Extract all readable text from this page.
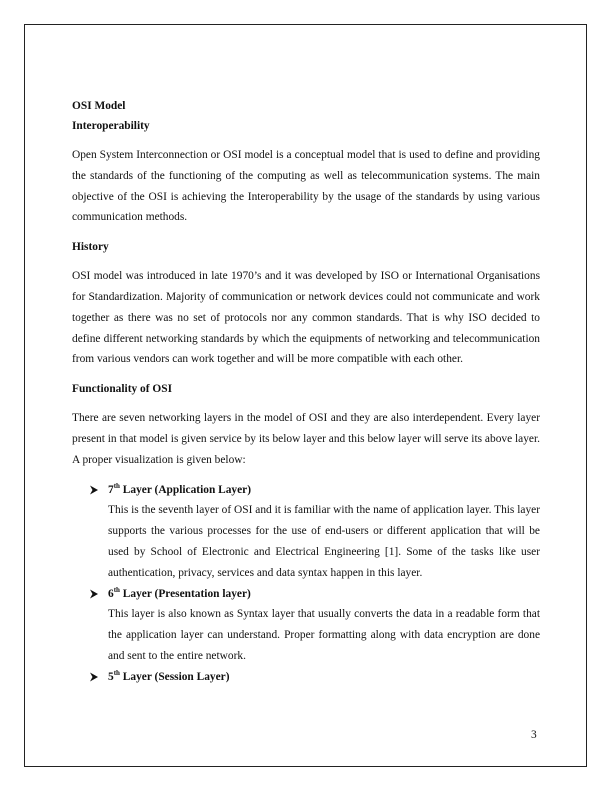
OSI Model

Interoperability

Open System Interconnection or OSI model is a conceptual model that is used to define and providing the standards of the functioning of the computing as well as telecommunication systems. The main objective of the OSI is achieving the Interoperability by the usage of the standards by using various communication methods.

History

OSI model was introduced in late 1970’s and it was developed by ISO or International Organisations for Standardization. Majority of communication or network devices could not communicate and work together as there was no set of protocols nor any common standards. That is why ISO decided to define different networking standards by which the equipments of networking and telecommunication from various vendors can work together and will be more compatible with each other.

Functionality of OSI

There are seven networking layers in the model of OSI and they are also interdependent. Every layer present in that model is given service by its below layer and this below layer will serve its above layer. A proper visualization is given below:

7th Layer (Application Layer)

This is the seventh layer of OSI and it is familiar with the name of application layer. This layer supports the various processes for the use of end-users or different application that will be used by School of Electronic and Electrical Engineering [1]. Some of the tasks like user authentication, privacy, services and data syntax happen in this layer.

6th Layer (Presentation layer)

This layer is also known as Syntax layer that usually converts the data in a readable form that the application layer can understand. Proper formatting along with data encryption are done and sent to the entire network.

5th Layer (Session Layer)
3
